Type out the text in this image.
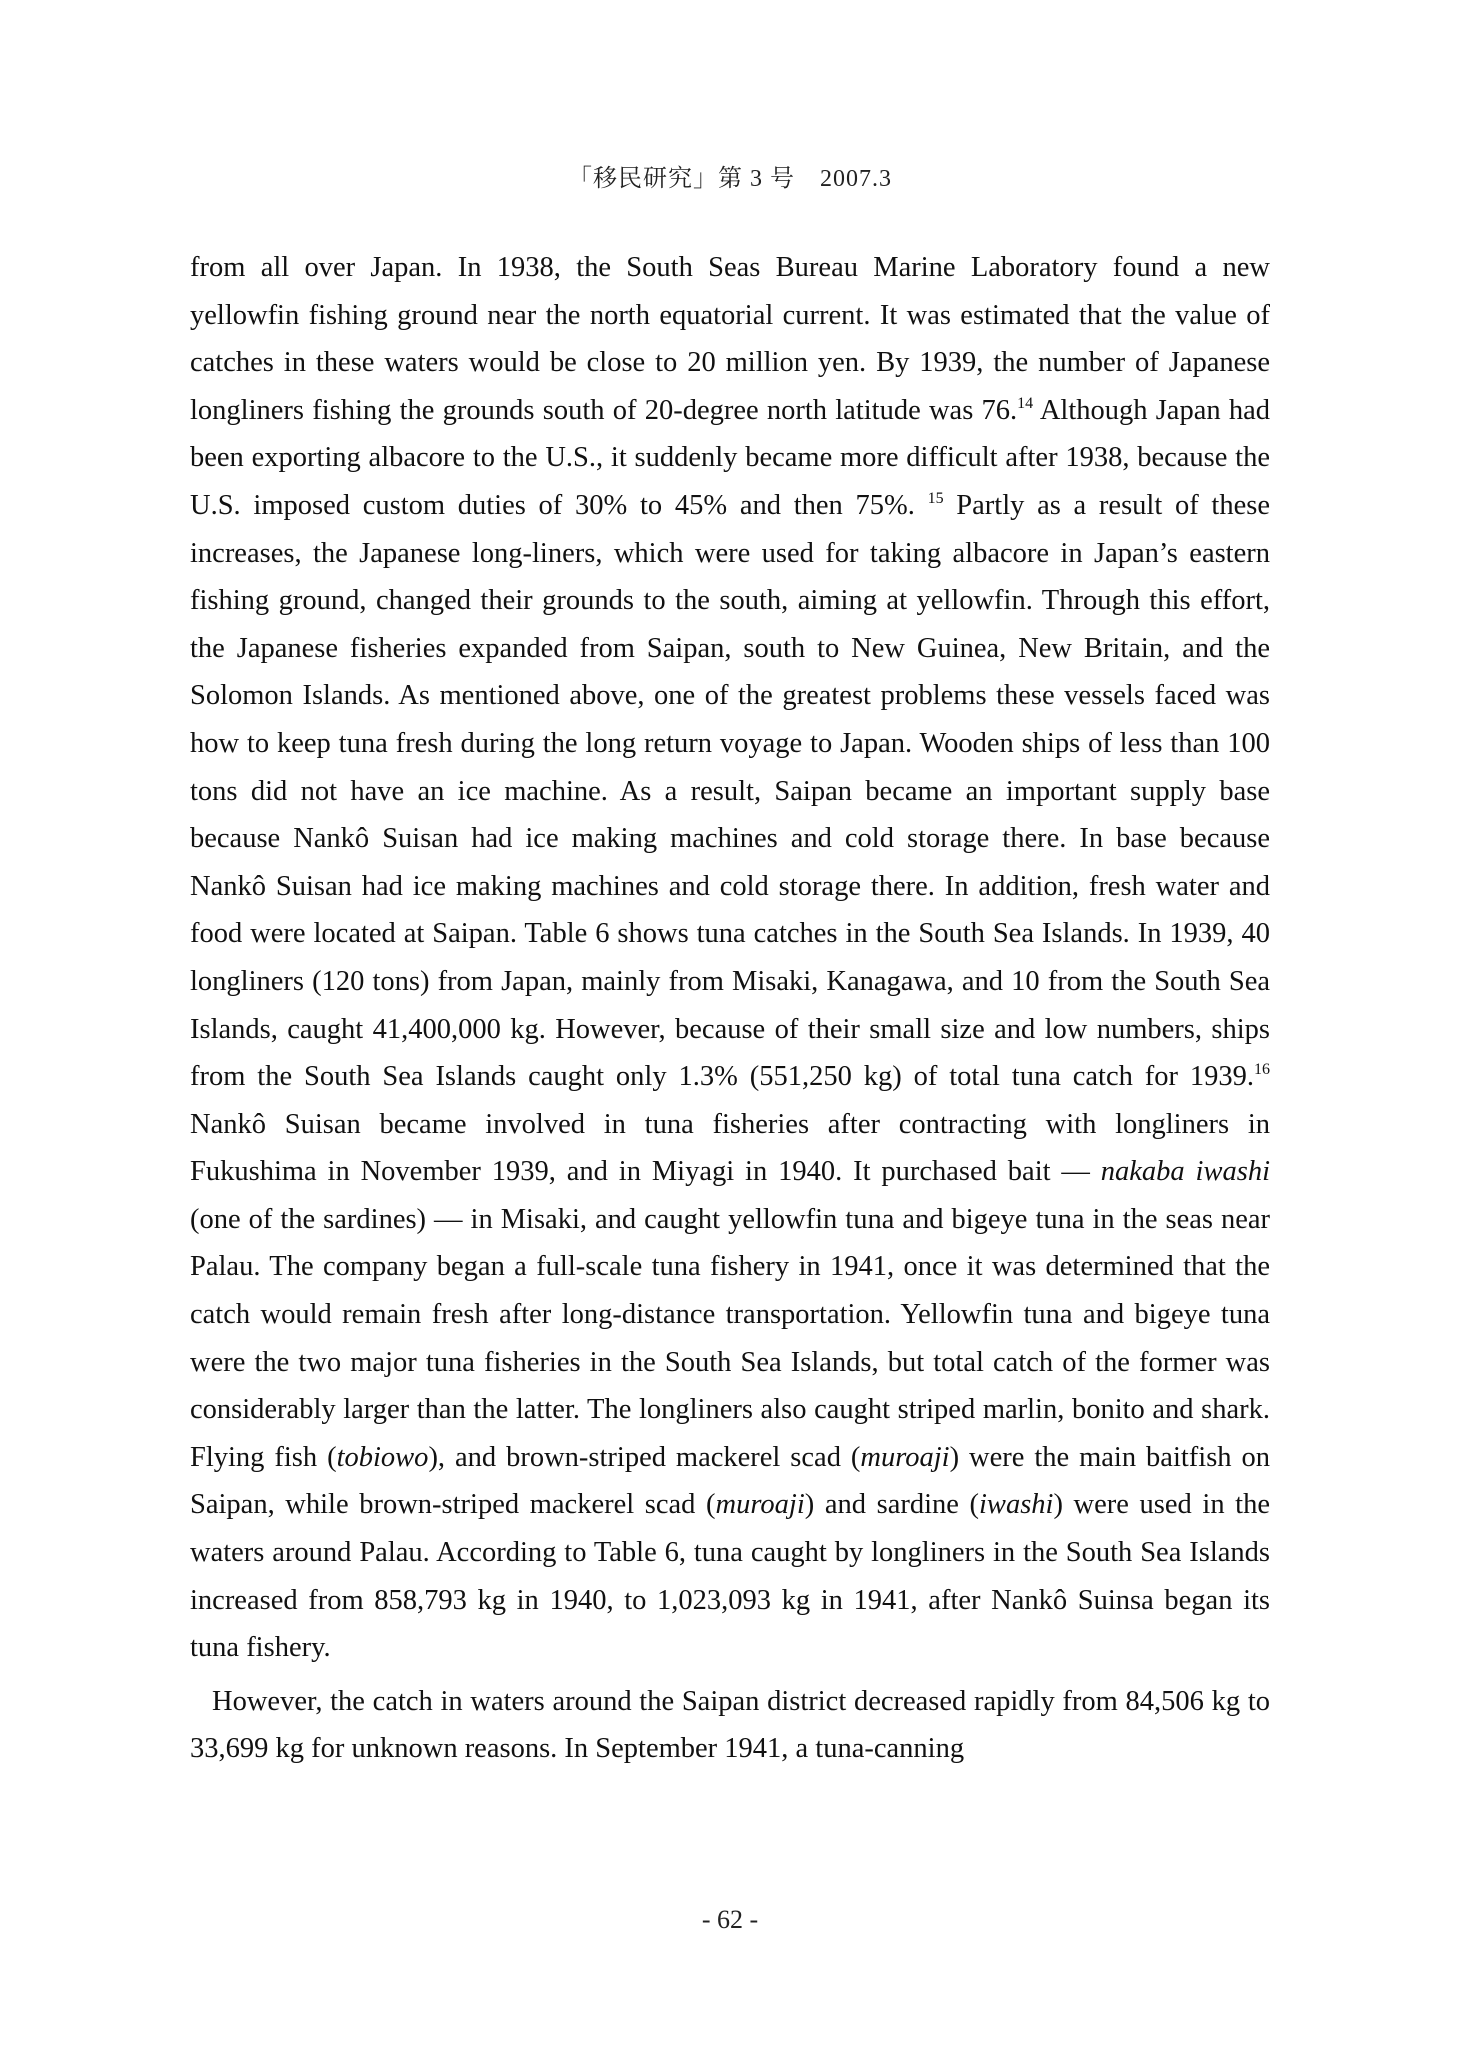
「移民研究」第 3 号　2007.3

from all over Japan. In 1938, the South Seas Bureau Marine Laboratory found a new yellowfin fishing ground near the north equatorial current. It was estimated that the value of catches in these waters would be close to 20 million yen. By 1939, the number of Japanese longliners fishing the grounds south of 20-degree north latitude was 76.14 Although Japan had been exporting albacore to the U.S., it suddenly became more difficult after 1938, because the U.S. imposed custom duties of 30% to 45% and then 75%. $^{15}$ Partly as a result of these increases, the Japanese long-liners, which were used for taking albacore in Japan’s eastern fishing ground, changed their grounds to the south, aiming at yellowfin. Through this effort, the Japanese fisheries expanded from Saipan, south to New Guinea, New Britain, and the Solomon Islands. As mentioned above, one of the greatest problems these vessels faced was how to keep tuna fresh during the long return voyage to Japan. Wooden ships of less than 100 tons did not have an ice machine. As a result, Saipan became an important supply base because Nankô Suisan had ice making machines and cold storage there. In base because Nankô Suisan had ice making machines and cold storage there. In addition, fresh water and food were located at Saipan. Table 6 shows tuna catches in the South Sea Islands. In 1939, 40 longliners (120 tons) from Japan, mainly from Misaki, Kanagawa, and 10 from the South Sea Islands, caught 41,400,000 kg. However, because of their small size and low numbers, ships from the South Sea Islands caught only 1.3% (551,250 kg) of total tuna catch for 1939.16 Nankô Suisan became involved in tuna fisheries after contracting with longliners in Fukushima in November 1939, and in Miyagi in 1940. It purchased bait — nakaba iwashi (one of the sardines) — in Misaki, and caught yellowfin tuna and bigeye tuna in the seas near Palau. The company began a full-scale tuna fishery in 1941, once it was determined that the catch would remain fresh after long-distance transportation. Yellowfin tuna and bigeye tuna were the two major tuna fisheries in the South Sea Islands, but total catch of the former was considerably larger than the latter. The longliners also caught striped marlin, bonito and shark. Flying fish (tobiowo), and brown-striped mackerel scad (muroaji) were the main baitfish on Saipan, while brown-striped mackerel scad (muroaji) and sardine (iwashi) were used in the waters around Palau. According to Table 6, tuna caught by longliners in the South Sea Islands increased from 858,793 kg in 1940, to 1,023,093 kg in 1941, after Nankô Suinsa began its tuna fishery.

However, the catch in waters around the Saipan district decreased rapidly from 84,506 kg to 33,699 kg for unknown reasons. In September 1941, a tuna-canning

- 62 -
